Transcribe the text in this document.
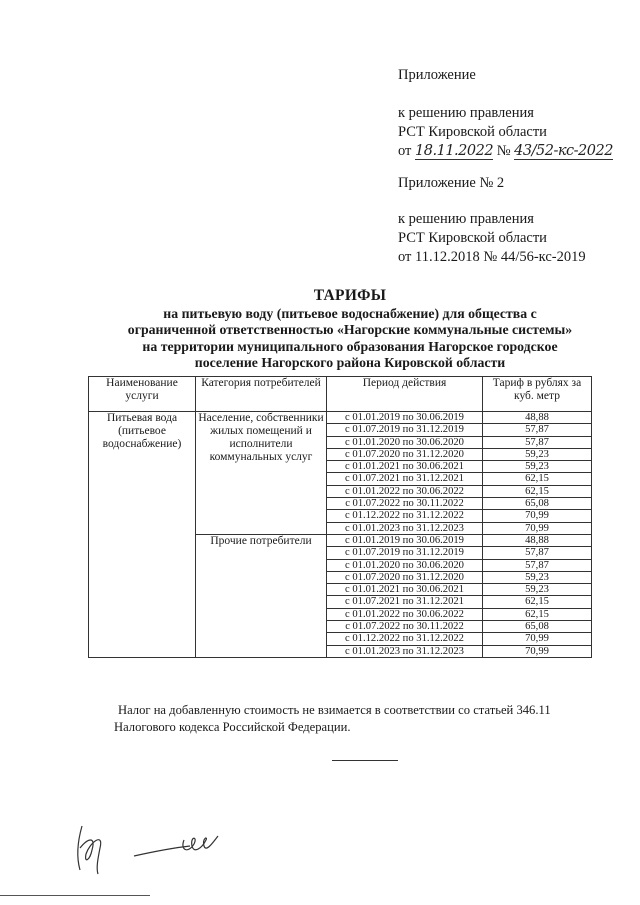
Приложение
к решению правления
РСТ Кировской области
от 18.11.2022 № 43/52-кс-2022
Приложение № 2
к решению правления
РСТ Кировской области
от 11.12.2018 № 44/56-кс-2019
ТАРИФЫ
на питьевую воду (питьевое водоснабжение) для общества с
ограниченной ответственностью «Нагорские коммунальные системы»
на территории муниципального образования Нагорское городское
поселение Нагорского района Кировской области
Наименование услуги	Категория потребителей	Период действия	Тариф в рублях за куб. метр
Питьевая вода (питьевое водоснабжение)	Население, собственники жилых помещений и исполнители коммунальных услуг	с 01.01.2019 по 30.06.2019	48,88
		с 01.07.2019 по 31.12.2019	57,87
		с 01.01.2020 по 30.06.2020	57,87
		с 01.07.2020 по 31.12.2020	59,23
		с 01.01.2021 по 30.06.2021	59,23
		с 01.07.2021 по 31.12.2021	62,15
		с 01.01.2022 по 30.06.2022	62,15
		с 01.07.2022 по 30.11.2022	65,08
		с 01.12.2022 по 31.12.2022	70,99
		с 01.01.2023 по 31.12.2023	70,99
	Прочие потребители	с 01.01.2019 по 30.06.2019	48,88
		с 01.07.2019 по 31.12.2019	57,87
		с 01.01.2020 по 30.06.2020	57,87
		с 01.07.2020 по 31.12.2020	59,23
		с 01.01.2021 по 30.06.2021	59,23
		с 01.07.2021 по 31.12.2021	62,15
		с 01.01.2022 по 30.06.2022	62,15
		с 01.07.2022 по 30.11.2022	65,08
		с 01.12.2022 по 31.12.2022	70,99
		с 01.01.2023 по 31.12.2023	70,99
Налог на добавленную стоимость не взимается в соответствии со статьей 346.11
Налогового кодекса Российской Федерации.
